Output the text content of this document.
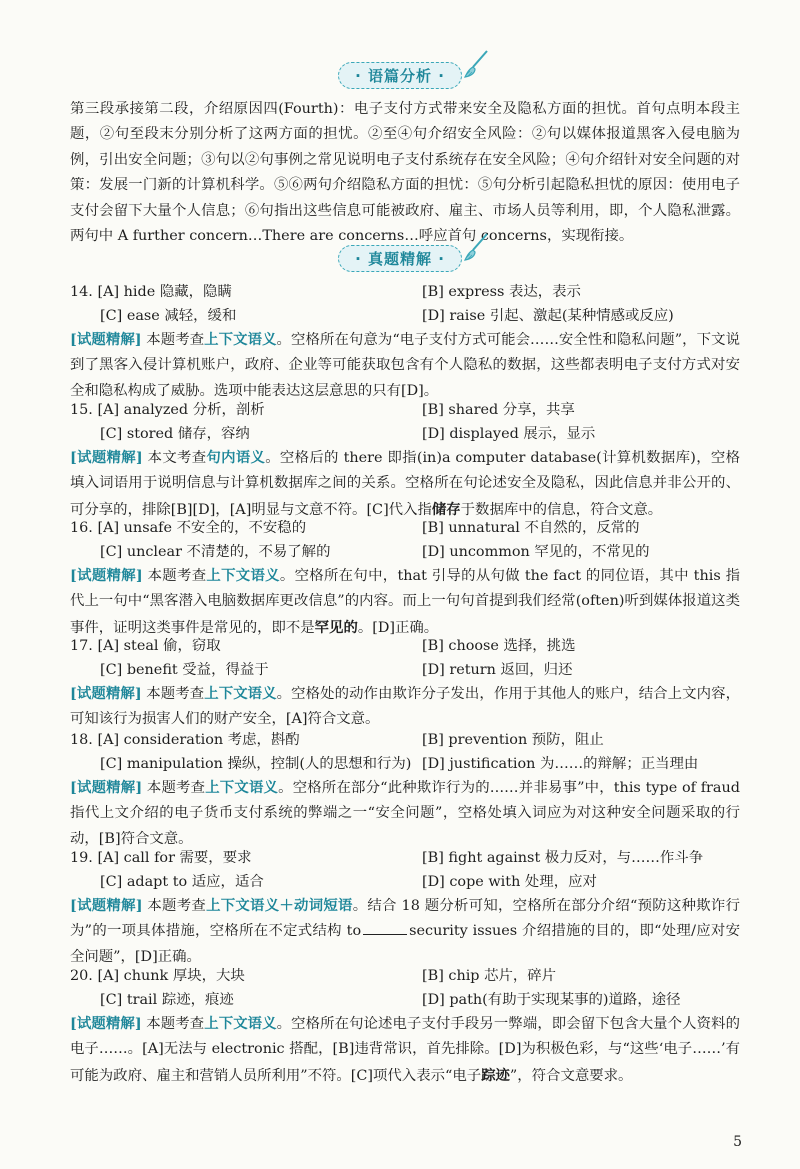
· 语篇分析 ·

第三段承接第二段，介绍原因四(Fourth)：电子支付方式带来安全及隐私方面的担忧。首句点明本段主题，②句至段末分别分析了这两方面的担忧。②至④句介绍安全风险：②句以媒体报道黑客入侵电脑为例，引出安全问题；③句以②句事例之常见说明电子支付系统存在安全风险；④句介绍针对安全问题的对策：发展一门新的计算机科学。⑤⑥两句介绍隐私方面的担忧：⑤句分析引起隐私担忧的原因：使用电子支付会留下大量个人信息；⑥句指出这些信息可能被政府、雇主、市场人员等利用，即，个人隐私泄露。两句中 A further concern…There are concerns…呼应首句 concerns，实现衔接。

· 真题精解 ·
14. [A] hide 隐藏，隐瞒	[B] express 表达，表示
[C] ease 减轻，缓和	[D] raise 引起、激起(某种情感或反应)

[试题精解] 本题考查上下文语义。空格所在句意为“电子支付方式可能会……安全性和隐私问题”，下文说到了黑客入侵计算机账户，政府、企业等可能获取包含有个人隐私的数据，这些都表明电子支付方式对安全和隐私构成了威胁。选项中能表达这层意思的只有[D]。

15. [A] analyzed 分析，剖析	[B] shared 分享，共享
[C] stored 储存，容纳	[D] displayed 展示，显示

[试题精解] 本文考查句内语义。空格后的 there 即指(in)a computer database(计算机数据库)，空格填入词语用于说明信息与计算机数据库之间的关系。空格所在句论述安全及隐私，因此信息并非公开的、可分享的，排除[B][D]，[A]明显与文意不符。[C]代入指储存于数据库中的信息，符合文意。

16. [A] unsafe 不安全的，不安稳的	[B] unnatural 不自然的，反常的
[C] unclear 不清楚的，不易了解的	[D] uncommon 罕见的，不常见的

[试题精解] 本题考查上下文语义。空格所在句中，that 引导的从句做 the fact 的同位语，其中 this 指代上一句中“黑客潜入电脑数据库更改信息”的内容。而上一句句首提到我们经常(often)听到媒体报道这类事件，证明这类事件是常见的，即不是罕见的。[D]正确。

17. [A] steal 偷，窃取	[B] choose 选择，挑选
[C] benefit 受益，得益于	[D] return 返回，归还

[试题精解] 本题考查上下文语义。空格处的动作由欺诈分子发出，作用于其他人的账户，结合上文内容，可知该行为损害人们的财产安全，[A]符合文意。

18. [A] consideration 考虑，斟酌	[B] prevention 预防，阻止
[C] manipulation 操纵，控制(人的思想和行为) [D] justification 为……的辩解；正当理由

[试题精解] 本题考查上下文语义。空格所在部分“此种欺诈行为的……并非易事”中，this type of fraud 指代上文介绍的电子货币支付系统的弊端之一“安全问题”，空格处填入词应为对这种安全问题采取的行动，[B]符合文意。

19. [A] call for 需要，要求	[B] fight against 极力反对，与……作斗争
[C] adapt to 适应，适合	[D] cope with 处理，应对

[试题精解] 本题考查上下文语义＋动词短语。结合 18 题分析可知，空格所在部分介绍“预防这种欺诈行为”的一项具体措施，空格所在不定式结构 to	security issues 介绍措施的目的，即“处理/应对安全问题”，[D]正确。

20. [A] chunk 厚块，大块	[B] chip 芯片，碎片
[C] trail 踪迹，痕迹	[D] path(有助于实现某事的)道路，途径

[试题精解] 本题考查上下文语义。空格所在句论述电子支付手段另一弊端，即会留下包含大量个人资料的电子……。[A]无法与 electronic 搭配，[B]违背常识，首先排除。[D]为积极色彩，与“这些‘电子……’有可能为政府、雇主和营销人员所利用”不符。[C]项代入表示“电子踪迹”，符合文意要求。

5
